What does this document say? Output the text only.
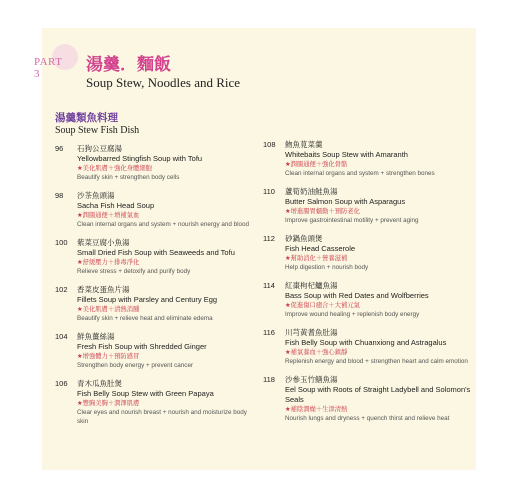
PART 3	湯羹．麵飯
Soup Stew, Noodles and Rice
湯羹類魚料理
Soup Stew Fish Dish
96 石狗公豆腐湯
Yellowbarred Stingfish Soup with Tofu
★美化肌膚＋強化身體細胞
Beautify skin + strengthen body cells
98 沙茶魚頭湯
Sacha Fish Head Soup
★潤腸通便＋增補氣血
Clean internal organs and system + nourish energy and blood
100 紫菜豆腐小魚湯
Small Dried Fish Soup with Seaweeds and Tofu
★舒緩壓力＋排毒淨化
Relieve stress + detoxify and purify body
102 香菜皮蛋魚片湯
Fillets Soup with Parsley and Century Egg
★美化肌膚＋清熱消腫
Beautify skin + relieve heat and eliminate edema
104 鮮魚薑絲湯
Fresh Fish Soup with Shredded Ginger
★增強體力＋預防感冒
Strengthen body energy + prevent cancer
106 青木瓜魚肚煲
Fish Belly Soup Stew with Green Papaya
★豐胸美胸＋潤澤肌膚
Clear eyes and nourish breast + nourish and moisturize body skin
108 魩魚莧菜羹
Whitebaits Soup Stew with Amaranth
★潤腸通便＋強化骨骼
Clean internal organs and system + strengthen bones
110 蘆筍奶油鮭魚湯
Butter Salmon Soup with Asparagus
★增進腸胃蠕動＋預防老化
Improve gastrointestinal motility + prevent aging
112 砂鍋魚頭煲
Fish Head Casserole
★幫助消化＋營養滋補
Help digestion + nourish body
114 紅棗枸杞鱸魚湯
Bass Soup with Red Dates and Wolfberries
★促進傷口癒合＋大補元氣
Improve wound healing + replenish body energy
116 川芎黃耆魚肚湯
Fish Belly Soup with Chuanxiong and Astragalus
★補氣養血＋強心鎮靜
Replenish energy and blood + strengthen heart and calm emotion
118 沙參玉竹鱔魚湯
Eel Soup with Roots of Straight Ladybell and Solomon's Seals
★補陰潤燥＋生津清熱
Nourish lungs and dryness + quench thirst and relieve heat
